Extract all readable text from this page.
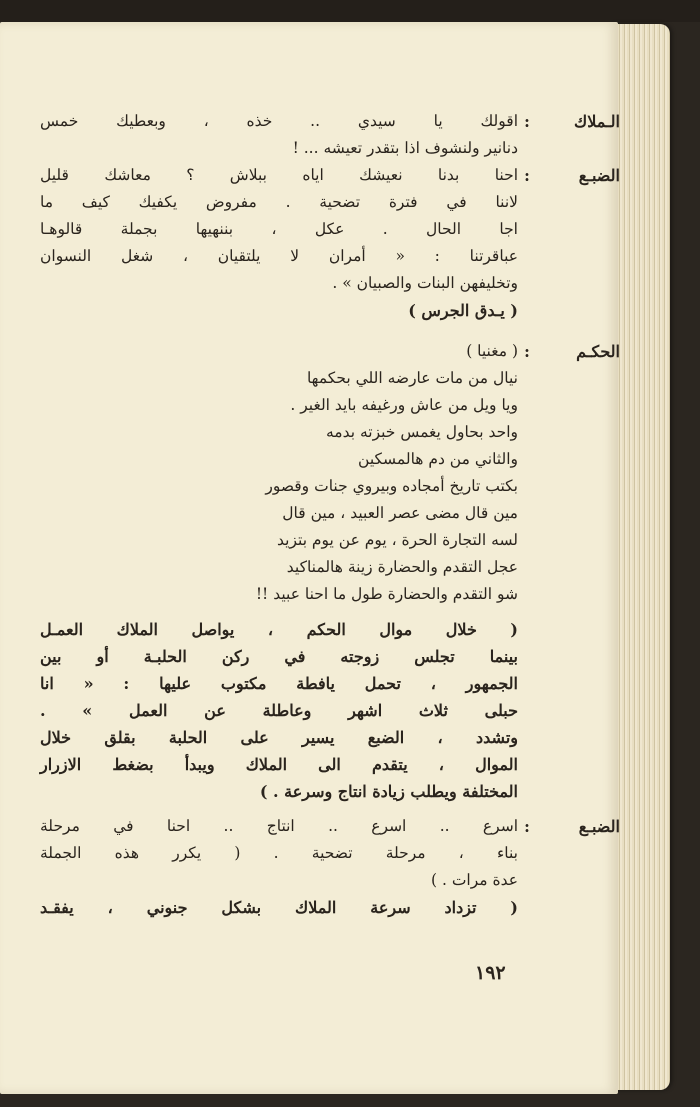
الـملاك
:
اقولك يا سيدي .. خذه ، وبعطيك خمس
دنانير ولنشوف اذا بتقدر تعيشه ... !
الضبـع
:
احنا بدنا نعيشك اياه ببلاش ؟ معاشك قليل
لاننا في فترة تضحية . مفروض يكفيك كيف ما
اجا الحال . عكل ، بننهيها بجملة قالوهـا
عباقرتنا : « أمران لا يلتقيان ، شغل النسوان
وتخليفهن البنات والصبيان » .
( يـدق الجرس )
الحكـم
:
( مغنيا )
نيال من مات عارضه اللي بحكمها
ويا ويل من عاش ورغيفه بايد الغير .
واحد بحاول يغمس خبزته بدمه
والثاني من دم هالمسكين
بكتب تاريخ أمجاده وبيروي جنات وقصور
مين قال مضى عصر العبيد ، مين قال
لسه التجارة الحرة ، يوم عن يوم بتزيد
عجل التقدم والحضارة زينة هالمناكيد
شو التقدم والحضارة طول ما احنا عبيد !!
( خلال موال الحكم ، يواصل الملاك العمـل
بينما تجلس زوجته في ركن الحلبـة أو بين
الجمهور ، تحمل يافطة مكتوب عليها : « انا
حبلى ثلاث اشهر وعاطلة عن العمل » .
وتشدد ، الضبع يسير على الحلبة بقلق خلال
الموال ، يتقدم الى الملاك ويبدأ بضغط الازرار
المختلفة ويطلب زيادة انتاج وسرعة . )
الضبـع
:
اسرع .. اسرع .. انتاج .. احنا في مرحلة
بناء ، مرحلة تضحية . ( يكرر هذه الجملة
عدة مرات . )
( تزداد سرعة الملاك بشكل جنوني ، يفقـد
١٩٢
